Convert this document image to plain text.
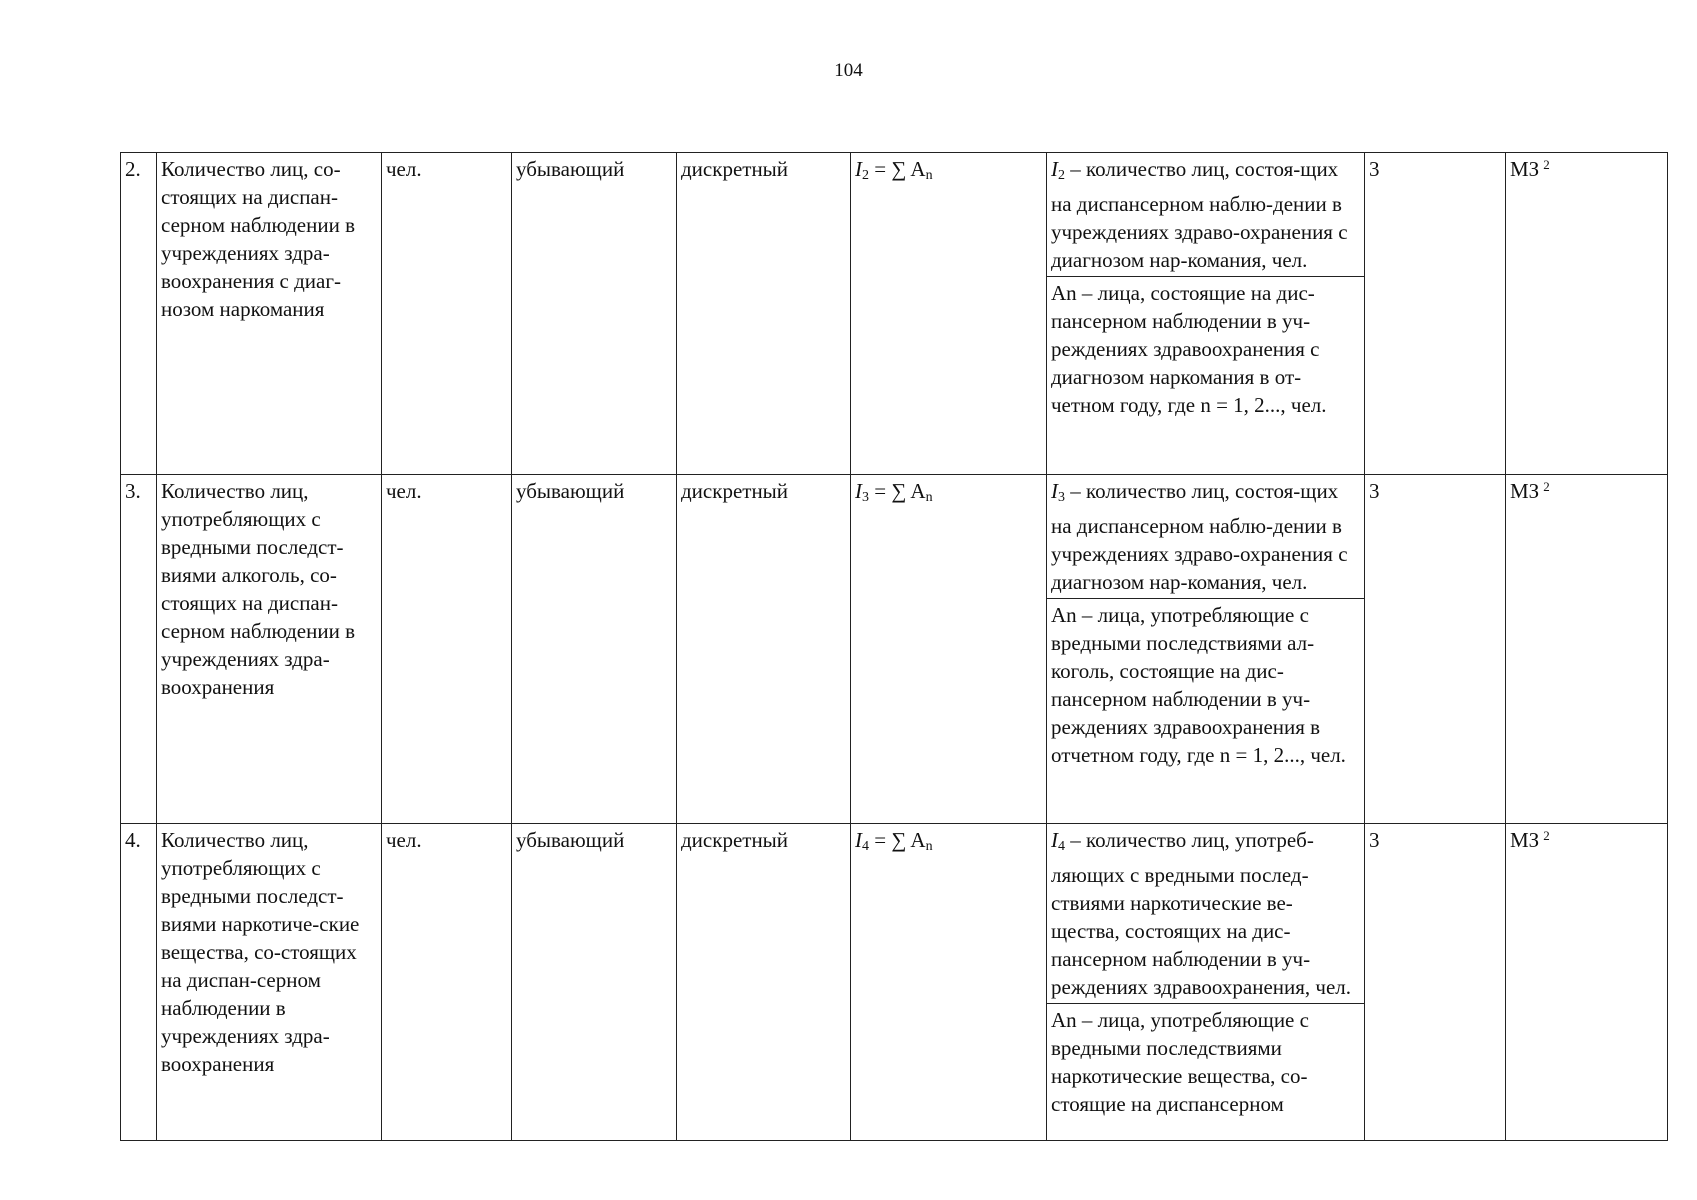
104
2.	Количество лиц, со-стоящих на диспан-серном наблюдении в учреждениях здра-воохранения с диаг-нозом наркомания	чел.	убывающий	дискретный	$I_2$ = ∑ $A_n$	$I_2$ – количество лиц, состоя-щих на диспансерном наблю-дении в учреждениях здраво-охранения с диагнозом нар-комания, чел.
An – лица, состоящие на дис-пансерном наблюдении в уч-реждениях здравоохранения с диагнозом наркомания в от-четном году, где n = 1, 2..., чел.	3	МЗ $^2$
3.	Количество лиц, употребляющих с вредными последст-виями алкоголь, со-стоящих на диспан-серном наблюдении в учреждениях здра-воохранения	чел.	убывающий	дискретный	$I_3$ = ∑ $A_n$	$I_3$ – количество лиц, состоя-щих на диспансерном наблю-дении в учреждениях здраво-охранения с диагнозом нар-комания, чел.
An – лица, употребляющие с вредными последствиями ал-коголь, состоящие на дис-пансерном наблюдении в уч-реждениях здравоохранения в отчетном году, где n = 1, 2..., чел.	3	МЗ $^2$
4.	Количество лиц, употребляющих с вредными последст-виями наркотиче-ские вещества, со-стоящих на диспан-серном наблюдении в учреждениях здра-воохранения	чел.	убывающий	дискретный	$I_4$ = ∑ $A_n$	$I_4$ – количество лиц, употреб-ляющих с вредными послед-ствиями наркотические ве-щества, состоящих на дис-пансерном наблюдении в уч-реждениях здравоохранения, чел.
An – лица, употребляющие с вредными последствиями наркотические вещества, со-стоящие на диспансерном	3	МЗ $^2$
